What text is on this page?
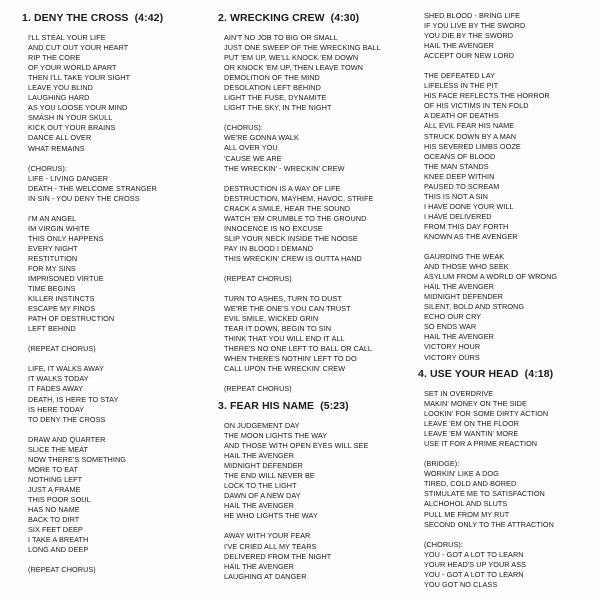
1. DENY THE CROSS (4:42)
I'LL STEAL YOUR LIFE
AND CUT OUT YOUR HEART
RIP THE CORE
OF YOUR WORLD APART
THEN I'LL TAKE YOUR SIGHT
LEAVE YOU BLIND
LAUGHING HARD
AS YOU LOOSE YOUR MIND
SMASH IN YOUR SKULL
KICK OUT YOUR BRAINS
DANCE ALL OVER
WHAT REMAINS
(CHORUS):
LIFE - LIVING DANGER
DEATH - THE WELCOME STRANGER
IN SIN - YOU DENY THE CROSS
I'M AN ANGEL
IM VIRGIN WHITE
THIS ONLY HAPPENS
EVERY NIGHT
RESTITUTION
FOR MY SINS
IMPRISONED VIRTUE
TIME BEGINS
KILLER INSTINCTS
ESCAPE MY FINDS
PATH OF DESTRUCTION
LEFT BEHIND
(REPEAT CHORUS)
LIFE, IT WALKS AWAY
IT WALKS TODAY
IT FADES AWAY
DEATH, IS HERE TO STAY
IS HERE TODAY
TO DENY THE CROSS
DRAW AND QUARTER
SLICE THE MEAT
NOW THERE'S SOMETHING
MORE TO EAT
NOTHING LEFT
JUST A FRAME
THIS POOR SOUL
HAS NO NAME
BACK TO DIRT
SIX FEET DEEP
I TAKE A BREATH
LONG AND DEEP
(REPEAT CHORUS)
2. WRECKING CREW (4:30)
AIN'T NO JOB TO BIG OR SMALL
JUST ONE SWEEP OF THE WRECKING BALL
PUT 'EM UP, WE'LL KNOCK 'EM DOWN
OR KNOCK 'EM UP, THEN LEAVE TOWN
DEMOLITION OF THE MIND
DESOLATION LEFT BEHIND
LIGHT THE FUSE, DYNAMITE
LIGHT THE SKY, IN THE NIGHT
(CHORUS):
WE'RE GONNA WALK
ALL OVER YOU
'CAUSE WE ARE
THE WRECKIN' - WRECKIN' CREW
DESTRUCTION IS A WAY OF LIFE
DESTRUCTION, MAYHEM, HAVOC, STRIFE
CRACK A SMILE, HEAR THE SOUND
WATCH 'EM CRUMBLE TO THE GROUND
INNOCENCE IS NO EXCUSE
SLIP YOUR NECK INSIDE THE NOOSE
PAY IN BLOOD I DEMAND
THIS WRECKIN' CREW IS OUTTA HAND
(REPEAT CHORUS)
TURN TO ASHES, TURN TO DUST
WE'RE THE ONE'S YOU CAN TRUST
EVIL SMILE, WICKED GRIN
TEAR IT DOWN, BEGIN TO SIN
THINK THAT YOU WILL END IT ALL
THERE'S NO ONE LEFT TO BALL OR CALL
WHEN THERE'S NOTHIN' LEFT TO DO
CALL UPON THE WRECKIN' CREW
(REPEAT CHORUS)
3. FEAR HIS NAME (5:23)
ON JUDGEMENT DAY
THE MOON LIGHTS THE WAY
AND THOSE WITH OPEN EYES WILL SEE
HAIL THE AVENGER
MIDNIGHT DEFENDER
THE END WILL NEVER BE
LOCK TO THE LIGHT
DAWN OF A NEW DAY
HAIL THE AVENGER
HE WHO LIGHTS THE WAY
AWAY WITH YOUR FEAR
I'VE CRIED ALL MY TEARS
DELIVERED FROM THE NIGHT
HAIL THE AVENGER
LAUGHING AT DANGER
SHED BLOOD - BRING LIFE
IF YOU LIVE BY THE SWORD
YOU DIE BY THE SWORD
HAIL THE AVENGER
ACCEPT OUR NEW LORD
THE DEFEATED LAY
LIFELESS IN THE PIT
HIS FACE REFLECTS THE HORROR
OF HIS VICTIMS IN TEN FOLD
A DEATH OF DEATHS
ALL EVIL FEAR HIS NAME
STRUCK DOWN BY A MAN
HIS SEVERED LIMBS OOZE
OCEANS OF BLOOD
THE MAN STANDS
KNEE DEEP WITHIN
PAUSED TO SCREAM
THIS IS NOT A SIN
I HAVE DONE YOUR WILL
I HAVE DELIVERED
FROM THIS DAY FORTH
KNOWN AS THE AVENGER
GAURDING THE WEAK
AND THOSE WHO SEEK
ASYLUM FROM A WORLD OF WRONG
HAIL THE AVENGER
MIDNIGHT DEFENDER
SILENT, BOLD AND STRONG
ECHO OUR CRY
SO ENDS WAR
HAIL THE AVENGER
VICTORY HOUR
VICTORY OURS
4. USE YOUR HEAD (4:18)
SET IN OVERDRIVE
MAKIN' MONEY ON THE SIDE
LOOKIN' FOR SOME DIRTY ACTION
LEAVE 'EM ON THE FLOOR
LEAVE 'EM WANTIN' MORE
USE IT FOR A PRIME REACTION
(BRIDGE):
WORKIN' LIKE A DOG
TIRED, COLD AND BORED
STIMULATE ME TO SATISFACTION
ALCHOHOL AND SLUTS
PULL ME FROM MY RUT
SECOND ONLY TO THE ATTRACTION
(CHORUS):
YOU - GOT A LOT TO LEARN
YOUR HEAD'S UP YOUR ASS
YOU - GOT A LOT TO LEARN
YOU GOT NO CLASS
